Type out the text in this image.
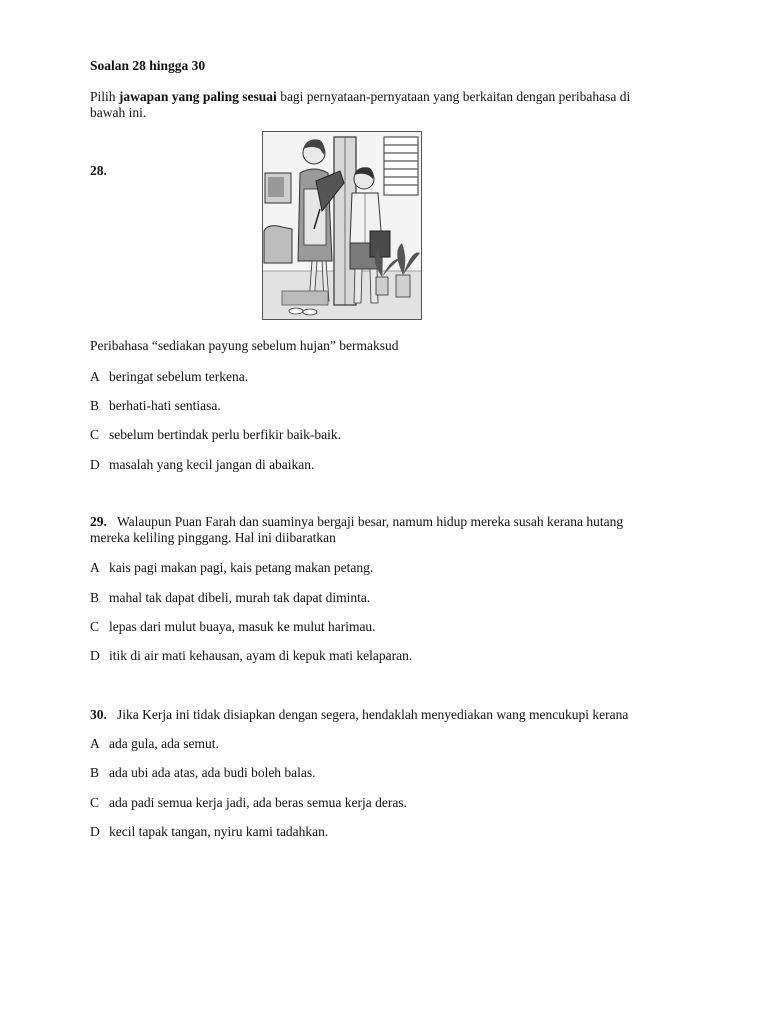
Soalan 28 hingga 30
Pilih jawapan yang paling sesuai bagi pernyataan-pernyataan yang berkaitan dengan peribahasa di
bawah ini.
28.
Peribahasa “sediakan payung sebelum hujan” bermaksud
A beringat sebelum terkena.
B berhati-hati sentiasa.
C sebelum bertindak perlu berfikir baik-baik.
D masalah yang kecil jangan di abaikan.
29. Walaupun Puan Farah dan suaminya bergaji besar, namum hidup mereka susah kerana hutang
mereka keliling pinggang. Hal ini diibaratkan
A kais pagi makan pagi, kais petang makan petang.
B mahal tak dapat dibeli, murah tak dapat diminta.
C lepas dari mulut buaya, masuk ke mulut harimau.
D itik di air mati kehausan, ayam di kepuk mati kelaparan.
30. Jika Kerja ini tidak disiapkan dengan segera, hendaklah menyediakan wang mencukupi kerana
A ada gula, ada semut.
B ada ubi ada atas, ada budi boleh balas.
C ada padi semua kerja jadi, ada beras semua kerja deras.
D kecil tapak tangan, nyiru kami tadahkan.
